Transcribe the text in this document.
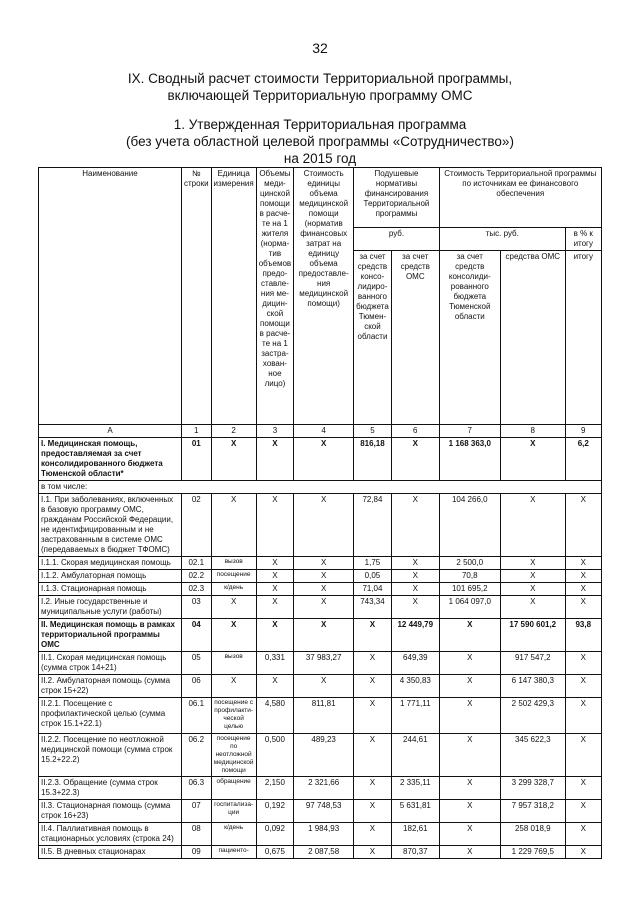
32
IX. Сводный расчет стоимости Территориальной программы,
включающей Территориальную программу ОМС
1. Утвержденная Территориальная программа
(без учета областной целевой программы «Сотрудничество»)
на 2015 год
Наименование	№ строки	Единица измерения	Объемы меди- цинской помощи в расче- те на 1 жителя (норма- тив объемов предо- ставле- ния ме- дицин- ской помощи в расче- те на 1 застра- хован- ное лицо)	Стоимость единицы объема медицинской помощи (норматив финансовых затрат на единицу объема предоставле- ния медицинской помощи)	Подушевые нормативы финансирования Территориальной программы		Стоимость Территориальной программы по источникам ее финансового обеспечения		
					руб.		тыс. руб.		в % к итогу
					за счет средств консо- лидиро- ванного бюджета Тюмен- ской области	за счет средств ОМС	за счет средств консолиди- рованного бюджета Тюменской области	средства ОМС	итогу
А	1	2	3	4	5	6	7	8	9
I. Медицинская помощь, предоставляемая за счет консолидированного бюджета Тюменской области*	01	X	X	X	816,18	X	1 168 363,0	X	6,2
в том числе:									
I.1. При заболеваниях, включенных в базовую программу ОМС, гражданам Российской Федерации, не идентифицированным и не застрахованным в системе ОМС (передаваемых в бюджет ТФОМС)	02	X	X	X	72,84	X	104 266,0	X	X
I.1.1. Скорая медицинская помощь	02.1	вызов	X	X	1,75	X	2 500,0	X	X
I.1.2. Амбулаторная помощь	02.2	посещение	X	X	0,05	X	70,8	X	X
I.1.3. Стационарная помощь	02.3	к/день	X	X	71,04	X	101 695,2	X	X
I.2. Иные государственные и муниципальные услуги (работы)	03	X	X	X	743,34	X	1 064 097,0	X	X
II. Медицинская помощь в рамках территориальной программы ОМС	04	X	X	X	X	12 449,79	X	17 590 601,2	93,8
II.1. Скорая медицинская помощь (сумма строк 14+21)	05	вызов	0,331	37 983,27	X	649,39	X	917 547,2	X
II.2. Амбулаторная помощь (сумма строк 15+22)	06	X	X	X	X	4 350,83	X	6 147 380,3	X
II.2.1. Посещение с профилактической целью (сумма строк 15.1+22.1)	06.1	посещение с профилакти- ческой целью	4,580	811,81	X	1 771,11	X	2 502 429,3	X
II.2.2. Посещение по неотложной медицинской помощи (сумма строк 15.2+22.2)	06.2	посещение по неотложной медицинской помощи	0,500	489,23	X	244,61	X	345 622,3	X
II.2.3. Обращение (сумма строк 15.3+22.3)	06.3	обращение	2,150	2 321,66	X	2 335,11	X	3 299 328,7	X
II.3. Стационарная помощь (сумма строк 16+23)	07	госпитализа- ции	0,192	97 748,53	X	5 631,81	X	7 957 318,2	X
II.4. Паллиативная помощь в стационарных условиях (строка 24)	08	к/день	0,092	1 984,93	X	182,61	X	258 018,9	X
II.5. В дневных стационарах	09	пациенто-	0,675	2 087,58	X	870,37	X	1 229 769,5	X
